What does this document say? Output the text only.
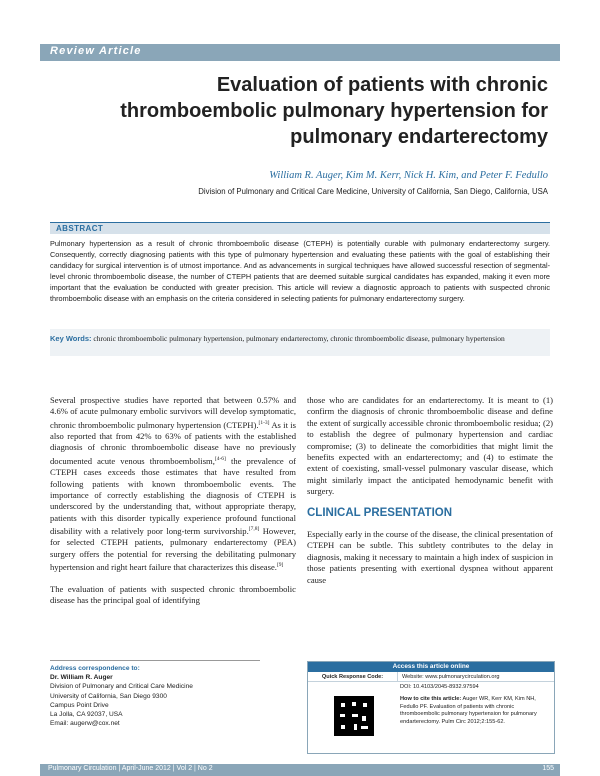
Review Article
Evaluation of patients with chronic thromboembolic pulmonary hypertension for pulmonary endarterectomy
William R. Auger, Kim M. Kerr, Nick H. Kim, and Peter F. Fedullo
Division of Pulmonary and Critical Care Medicine, University of California, San Diego, California, USA
ABSTRACT
Pulmonary hypertension as a result of chronic thromboembolic disease (CTEPH) is potentially curable with pulmonary endarterectomy surgery. Consequently, correctly diagnosing patients with this type of pulmonary hypertension and evaluating these patients with the goal of establishing their candidacy for surgical intervention is of utmost importance. And as advancements in surgical techniques have allowed successful resection of segmental-level chronic thromboembolic disease, the number of CTEPH patients that are deemed suitable surgical candidates has expanded, making it even more important that the evaluation be conducted with greater precision. This article will review a diagnostic approach to patients with suspected chronic thromboembolic disease with an emphasis on the criteria considered in selecting patients for pulmonary endarterectomy surgery.
Key Words: chronic thromboembolic pulmonary hypertension, pulmonary endarterectomy, chronic thromboembolic disease, pulmonary hypertension

Several prospective studies have reported that between 0.57% and 4.6% of acute pulmonary embolic survivors will develop symptomatic, chronic thromboembolic pulmonary hypertension (CTEPH).[1-3] As it is also reported that from 42% to 63% of patients with the established diagnosis of chronic thromboembolic disease have no previously documented acute venous thromboembolism,[4-6] the prevalence of CTEPH cases exceeds those estimates that have resulted from following patients with known thromboembolic events. The importance of correctly establishing the diagnosis of CTEPH is underscored by the understanding that, without appropriate therapy, patients with this disorder typically experience profound functional disability with a relatively poor long-term survivorship.[7,8] However, for selected CTEPH patients, pulmonary endarterectomy (PEA) surgery offers the potential for reversing the debilitating pulmonary hypertension and right heart failure that characterizes this disease.[9]

The evaluation of patients with suspected chronic thromboembolic disease has the principal goal of identifying

those who are candidates for an endarterectomy. It is meant to (1) confirm the diagnosis of chronic thromboembolic disease and define the extent of surgically accessible chronic thromboembolic residua; (2) to establish the degree of pulmonary hypertension and cardiac compromise; (3) to delineate the comorbidities that might limit the benefits expected with an endarterectomy; and (4) to estimate the extent of coexisting, small-vessel pulmonary vascular disease, which might similarly impact the anticipated hemodynamic benefit with surgery.

CLINICAL PRESENTATION

Especially early in the course of the disease, the clinical presentation of CTEPH can be subtle. This subtlety contributes to the delay in diagnosis, making it necessary to maintain a high index of suspicion in those patients presenting with exertional dyspnea without apparent cause

Address correspondence to:
Dr. William R. Auger
Division of Pulmonary and Critical Care Medicine
University of California, San Diego 9300
Campus Point Drive
La Jolla, CA 92037, USA
Email: augerw@cox.net
Access this article online
Quick Response Code:	Website: www.pulmonarycirculation.org
DOI: 10.4103/2045-8932.97594
How to cite this article: Auger WR, Kerr KM, Kim NH, Fedullo PF. Evaluation of patients with chronic thromboembolic pulmonary hypertension for pulmonary endarterectomy. Pulm Circ 2012;2:155-62.
Pulmonary Circulation | April-June 2012 | Vol 2 | No 2	155
